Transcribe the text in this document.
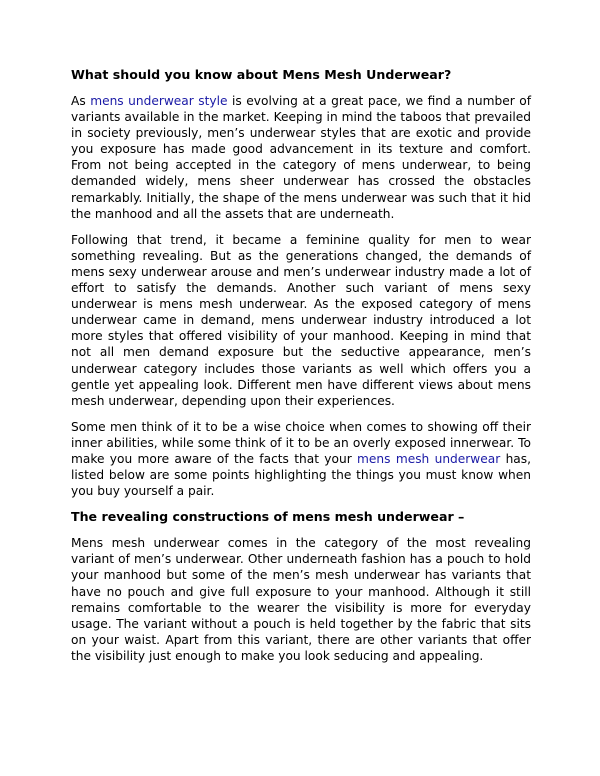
What should you know about Mens Mesh Underwear?

As mens underwear style is evolving at a great pace, we find a number of variants available in the market. Keeping in mind the taboos that prevailed in society previously, men’s underwear styles that are exotic and provide you exposure has made good advancement in its texture and comfort. From not being accepted in the category of mens underwear, to being demanded widely, mens sheer underwear has crossed the obstacles remarkably. Initially, the shape of the mens underwear was such that it hid the manhood and all the assets that are underneath.

Following that trend, it became a feminine quality for men to wear something revealing. But as the generations changed, the demands of mens sexy underwear arouse and men’s underwear industry made a lot of effort to satisfy the demands. Another such variant of mens sexy underwear is mens mesh underwear. As the exposed category of mens underwear came in demand, mens underwear industry introduced a lot more styles that offered visibility of your manhood. Keeping in mind that not all men demand exposure but the seductive appearance, men’s underwear category includes those variants as well which offers you a gentle yet appealing look. Different men have different views about mens mesh underwear, depending upon their experiences.

Some men think of it to be a wise choice when comes to showing off their inner abilities, while some think of it to be an overly exposed innerwear. To make you more aware of the facts that your mens mesh underwear has, listed below are some points highlighting the things you must know when you buy yourself a pair.

The revealing constructions of mens mesh underwear –

Mens mesh underwear comes in the category of the most revealing variant of men’s underwear. Other underneath fashion has a pouch to hold your manhood but some of the men’s mesh underwear has variants that have no pouch and give full exposure to your manhood. Although it still remains comfortable to the wearer the visibility is more for everyday usage. The variant without a pouch is held together by the fabric that sits on your waist. Apart from this variant, there are other variants that offer the visibility just enough to make you look seducing and appealing.
